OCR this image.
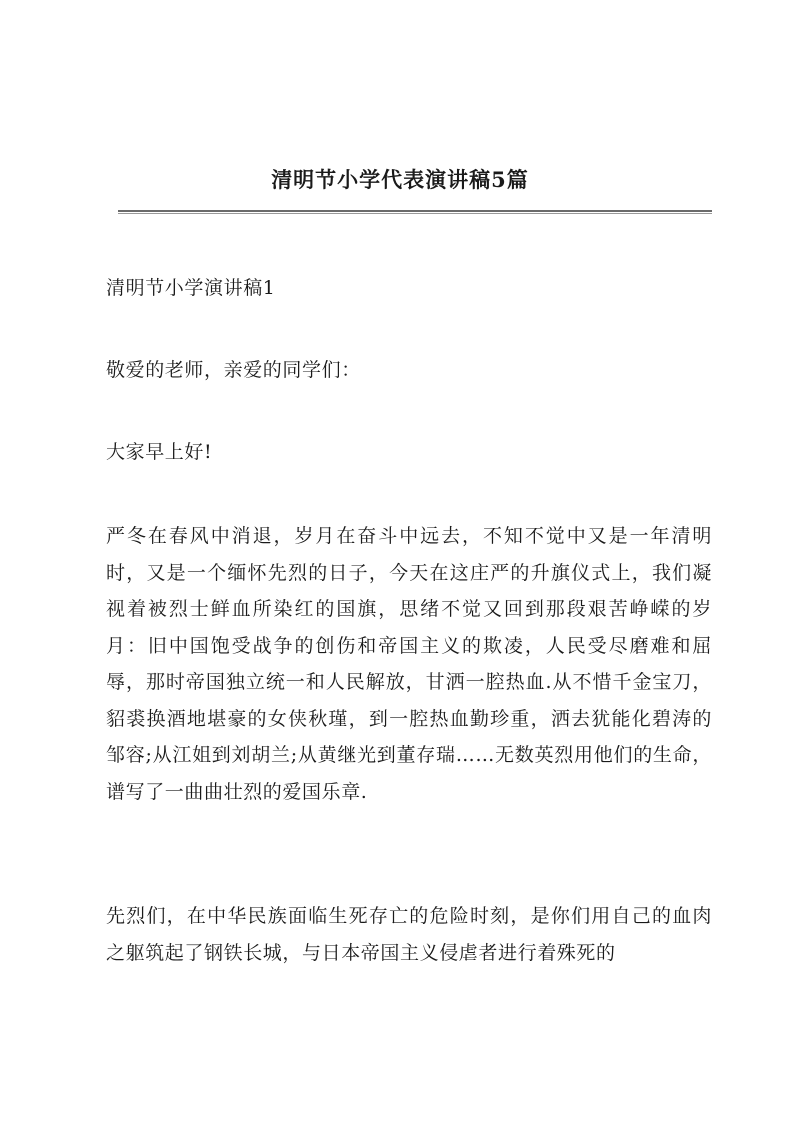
清明节小学代表演讲稿5篇

清明节小学演讲稿1

敬爱的老师，亲爱的同学们：

大家早上好!

严冬在春风中消退，岁月在奋斗中远去，不知不觉中又是一年清明时，又是一个缅怀先烈的日子，今天在这庄严的升旗仪式上，我们凝视着被烈士鲜血所染红的国旗，思绪不觉又回到那段艰苦峥嵘的岁月：旧中国饱受战争的创伤和帝国主义的欺凌，人民受尽磨难和屈辱，那时帝国独立统一和人民解放，甘洒一腔热血.从不惜千金宝刀，貂裘换酒地堪豪的女侠秋瑾，到一腔热血勤珍重，洒去犹能化碧涛的邹容;从江姐到刘胡兰;从黄继光到董存瑞……无数英烈用他们的生命，谱写了一曲曲壮烈的爱国乐章.

先烈们，在中华民族面临生死存亡的危险时刻，是你们用自己的血肉之躯筑起了钢铁长城，与日本帝国主义侵虐者进行着殊死的
